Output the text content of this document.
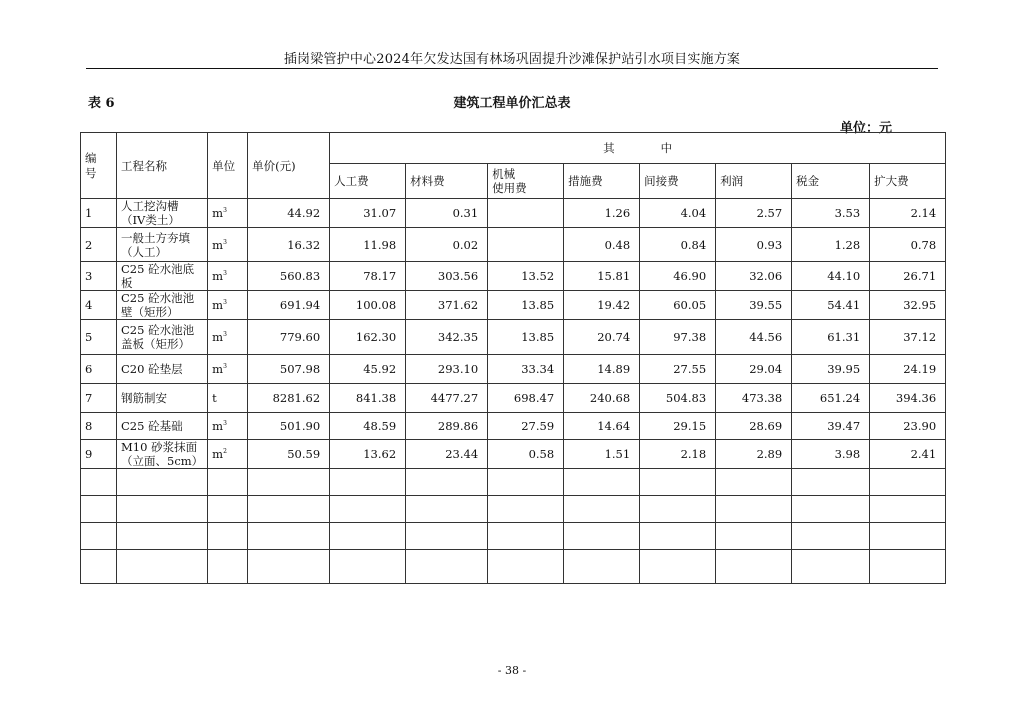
插岗梁管护中心2024年欠发达国有林场巩固提升沙滩保护站引水项目实施方案
表 6	建筑工程单价汇总表
单位：元
编
号	工程名称	单位	单价(元)	其 中							
				人工费	材料费	机械
使用费	措施费	间接费	利润	税金	扩大费
1	人工挖沟槽
（IV类土）	$m^3$	44.92	31.07	0.31		1.26	4.04	2.57	3.53	2.14
2	一般土方夯填
（人工）	$m^3$	16.32	11.98	0.02		0.48	0.84	0.93	1.28	0.78
3	C25 砼水池底
板	$m^3$	560.83	78.17	303.56	13.52	15.81	46.90	32.06	44.10	26.71
4	C25 砼水池池
壁（矩形）	$m^3$	691.94	100.08	371.62	13.85	19.42	60.05	39.55	54.41	32.95
5	C25 砼水池池
盖板（矩形）	$m^3$	779.60	162.30	342.35	13.85	20.74	97.38	44.56	61.31	37.12
6	C20 砼垫层	$m^3$	507.98	45.92	293.10	33.34	14.89	27.55	29.04	39.95	24.19
7	钢筋制安	t	8281.62	841.38	4477.27	698.47	240.68	504.83	473.38	651.24	394.36
8	C25 砼基础	$m^3$	501.90	48.59	289.86	27.59	14.64	29.15	28.69	39.47	23.90
9	M10 砂浆抹面
（立面、5cm）	$m^2$	50.59	13.62	23.44	0.58	1.51	2.18	2.89	3.98	2.41

- 38 -
